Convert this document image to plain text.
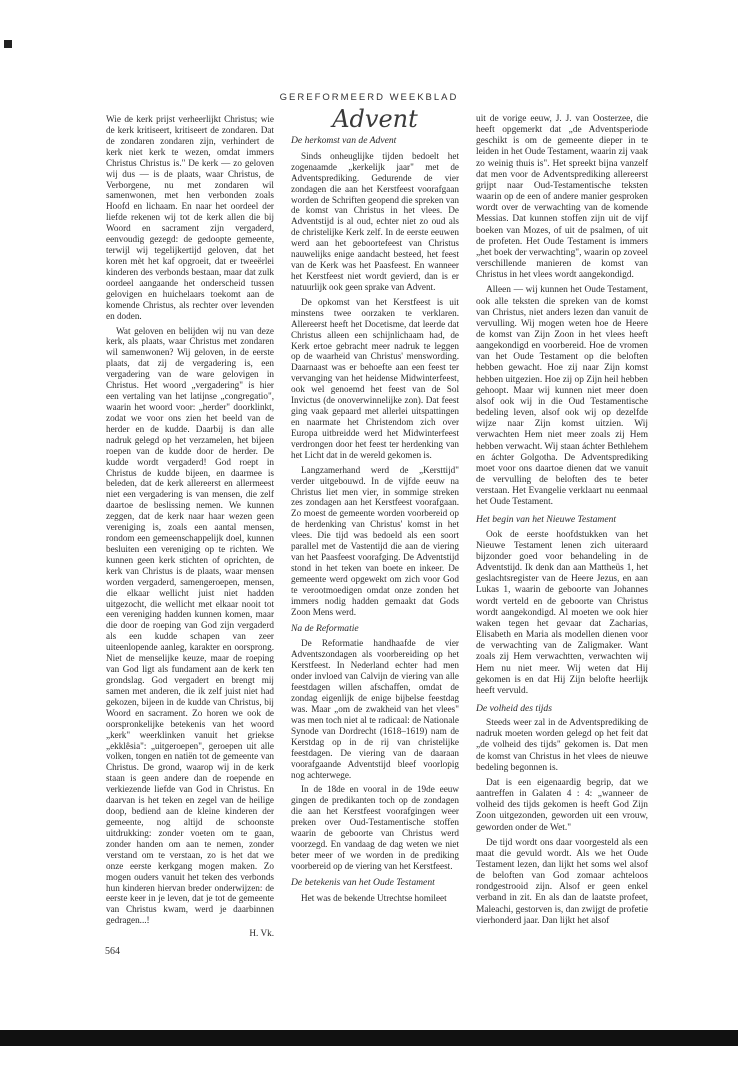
GEREFORMEERD WEEKBLAD

Wie de kerk prijst verheerlijkt Christus; wie de kerk kritiseert, kritiseert de zondaren. Dat de zondaren zondaren zijn, verhindert de kerk niet kerk te wezen, omdat immers Christus Christus is." De kerk — zo geloven wij dus — is de plaats, waar Christus, de Verborgene, nu met zondaren wil samenwonen, met hen verbonden zoals Hoofd en lichaam. En naar het oordeel der liefde rekenen wij tot de kerk allen die bij Woord en sacrament zijn vergaderd, eenvoudig gezegd: de gedoopte gemeente, terwijl wij tegelijkertijd geloven, dat het koren mèt het kaf opgroeit, dat er tweeërlei kinderen des verbonds bestaan, maar dat zulk oordeel aangaande het onderscheid tussen gelovigen en huichelaars toekomt aan de komende Christus, als rechter over levenden en doden.

Wat geloven en belijden wij nu van deze kerk, als plaats, waar Christus met zondaren wil samenwonen? Wij geloven, in de eerste plaats, dat zij de vergadering is, een vergadering van de ware gelovigen in Christus. Het woord „vergadering" is hier een vertaling van het latijnse „congregatio", waarin het woord voor: „herder" doorklinkt, zodat we voor ons zien het beeld van de herder en de kudde. Daarbij is dan alle nadruk gelegd op het verzamelen, het bijeen roepen van de kudde door de herder. De kudde wordt vergaderd! God roept in Christus de kudde bijeen, en daarmee is beleden, dat de kerk allereerst en allermeest niet een vergadering is van mensen, die zelf daartoe de beslissing nemen. We kunnen zeggen, dat de kerk naar haar wezen geen vereniging is, zoals een aantal mensen, rondom een gemeenschappelijk doel, kunnen besluiten een vereniging op te richten. We kunnen geen kerk stichten of oprichten, de kerk van Christus is de plaats, waar mensen worden vergaderd, samengeroepen, mensen, die elkaar wellicht juist niet hadden uitgezocht, die wellicht met elkaar nooit tot een vereniging hadden kunnen komen, maar die door de roeping van God zijn vergaderd als een kudde schapen van zeer uiteenlopende aanleg, karakter en oorsprong. Niet de menselijke keuze, maar de roeping van God ligt als fundament aan de kerk ten grondslag. God vergadert en brengt mij samen met anderen, die ik zelf juist niet had gekozen, bijeen in de kudde van Christus, bij Woord en sacrament. Zo horen we ook de oorspronkelijke betekenis van het woord „kerk" weerklinken vanuit het griekse „ekklêsia": „uitgeroepen", geroepen uit alle volken, tongen en natiën tot de gemeente van Christus. De grond, waarop wij in de kerk staan is geen andere dan de roepende en verkiezende liefde van God in Christus. En daarvan is het teken en zegel van de heilige doop, bediend aan de kleine kinderen der gemeente, nog altijd de schoonste uitdrukking: zonder voeten om te gaan, zonder handen om aan te nemen, zonder verstand om te verstaan, zo is het dat we onze eerste kerkgang mogen maken. Zo mogen ouders vanuit het teken des verbonds hun kinderen hiervan breder onderwijzen: de eerste keer in je leven, dat je tot de gemeente van Christus kwam, werd je daarbinnen gedragen...!

H. Vk.
Advent
De herkomst van de Advent

Sinds onheuglijke tijden bedoelt het zogenaamde „kerkelijk jaar" met de Adventsprediking. Gedurende de vier zondagen die aan het Kerstfeest voorafgaan worden de Schriften geopend die spreken van de komst van Christus in het vlees. De Adventstijd is al oud, echter niet zo oud als de christelijke Kerk zelf. In de eerste eeuwen werd aan het geboortefeest van Christus nauwelijks enige aandacht besteed, het feest van de Kerk was het Paasfeest. En wanneer het Kerstfeest niet wordt gevierd, dan is er natuurlijk ook geen sprake van Advent.

De opkomst van het Kerstfeest is uit minstens twee oorzaken te verklaren. Allereerst heeft het Docetisme, dat leerde dat Christus alleen een schijnlichaam had, de Kerk ertoe gebracht meer nadruk te leggen op de waarheid van Christus' menswording. Daarnaast was er behoefte aan een feest ter vervanging van het heidense Midwinterfeest, ook wel genoemd het feest van de Sol Invictus (de onoverwinnelijke zon). Dat feest ging vaak gepaard met allerlei uitspattingen en naarmate het Christendom zich over Europa uitbreidde werd het Midwinterfeest verdrongen door het feest ter herdenking van het Licht dat in de wereld gekomen is.

Langzamerhand werd de „Kersttijd" verder uitgebouwd. In de vijfde eeuw na Christus liet men vier, in sommige streken zes zondagen aan het Kerstfeest voorafgaan. Zo moest de gemeente worden voorbereid op de herdenking van Christus' komst in het vlees. Die tijd was bedoeld als een soort parallel met de Vastentijd die aan de viering van het Paasfeest voorafging. De Adventstijd stond in het teken van boete en inkeer. De gemeente werd opgewekt om zich voor God te verootmoedigen omdat onze zonden het immers nodig hadden gemaakt dat Gods Zoon Mens werd.

Na de Reformatie

De Reformatie handhaafde de vier Adventszondagen als voorbereiding op het Kerstfeest. In Nederland echter had men onder invloed van Calvijn de viering van alle feestdagen willen afschaffen, omdat de zondag eigenlijk de enige bijbelse feestdag was. Maar „om de zwakheid van het vlees" was men toch niet al te radicaal: de Nationale Synode van Dordrecht (1618–1619) nam de Kerstdag op in de rij van christelijke feestdagen. De viering van de daaraan voorafgaande Adventstijd bleef voorlopig nog achterwege.

In de 18de en vooral in de 19de eeuw gingen de predikanten toch op de zondagen die aan het Kerstfeest voorafgingen weer preken over Oud-Testamentische stoffen waarin de geboorte van Christus werd voorzegd. En vandaag de dag weten we niet beter meer of we worden in de prediking voorbereid op de viering van het Kerstfeest.

De betekenis van het Oude Testament

Het was de bekende Utrechtse homileet

uit de vorige eeuw, J. J. van Oosterzee, die heeft opgemerkt dat „de Adventsperiode geschikt is om de gemeente dieper in te leiden in het Oude Testament, waarin zij vaak zo weinig thuis is". Het spreekt bijna vanzelf dat men voor de Adventsprediking allereerst grijpt naar Oud-Testamentische teksten waarin op de een of andere manier gesproken wordt over de verwachting van de komende Messias. Dat kunnen stoffen zijn uit de vijf boeken van Mozes, of uit de psalmen, of uit de profeten. Het Oude Testament is immers „het boek der verwachting", waarin op zoveel verschillende manieren de komst van Christus in het vlees wordt aangekondigd.

Alleen — wij kunnen het Oude Testament, ook alle teksten die spreken van de komst van Christus, niet anders lezen dan vanuit de vervulling. Wij mogen weten hoe de Heere de komst van Zijn Zoon in het vlees heeft aangekondigd en voorbereid. Hoe de vromen van het Oude Testament op die beloften hebben gewacht. Hoe zij naar Zijn komst hebben uitgezien. Hoe zij op Zijn heil hebben gehoopt. Maar wij kunnen niet meer doen alsof ook wij in die Oud Testamentische bedeling leven, alsof ook wij op dezelfde wijze naar Zijn komst uitzien. Wij verwachten Hem niet meer zoals zij Hem hebben verwacht. Wij staan áchter Bethlehem en áchter Golgotha. De Adventsprediking moet voor ons daartoe dienen dat we vanuit de vervulling de beloften des te beter verstaan. Het Evangelie verklaart nu eenmaal het Oude Testament.

Het begin van het Nieuwe Testament

Ook de eerste hoofdstukken van het Nieuwe Testament lenen zich uiteraard bijzonder goed voor behandeling in de Adventstijd. Ik denk dan aan Mattheüs 1, het geslachtsregister van de Heere Jezus, en aan Lukas 1, waarin de geboorte van Johannes wordt verteld en de geboorte van Christus wordt aangekondigd. Al moeten we ook hier waken tegen het gevaar dat Zacharias, Elisabeth en Maria als modellen dienen voor de verwachting van de Zaligmaker. Want zoals zij Hem verwachtten, verwachten wij Hem nu niet meer. Wij weten dat Hij gekomen is en dat Hij Zijn belofte heerlijk heeft vervuld.

De volheid des tijds

Steeds weer zal in de Adventsprediking de nadruk moeten worden gelegd op het feit dat „de volheid des tijds" gekomen is. Dat men de komst van Christus in het vlees de nieuwe bedeling begonnen is.

Dat is een eigenaardig begrip, dat we aantreffen in Galaten 4 : 4: „wanneer de volheid des tijds gekomen is heeft God Zijn Zoon uitgezonden, geworden uit een vrouw, geworden onder de Wet."

De tijd wordt ons daar voorgesteld als een maat die gevuld wordt. Als we het Oude Testament lezen, dan lijkt het soms wel alsof de beloften van God zomaar achteloos rondgestrooid zijn. Alsof er geen enkel verband in zit. En als dan de laatste profeet, Maleachi, gestorven is, dan zwijgt de profetie vierhonderd jaar. Dan lijkt het alsof

564
